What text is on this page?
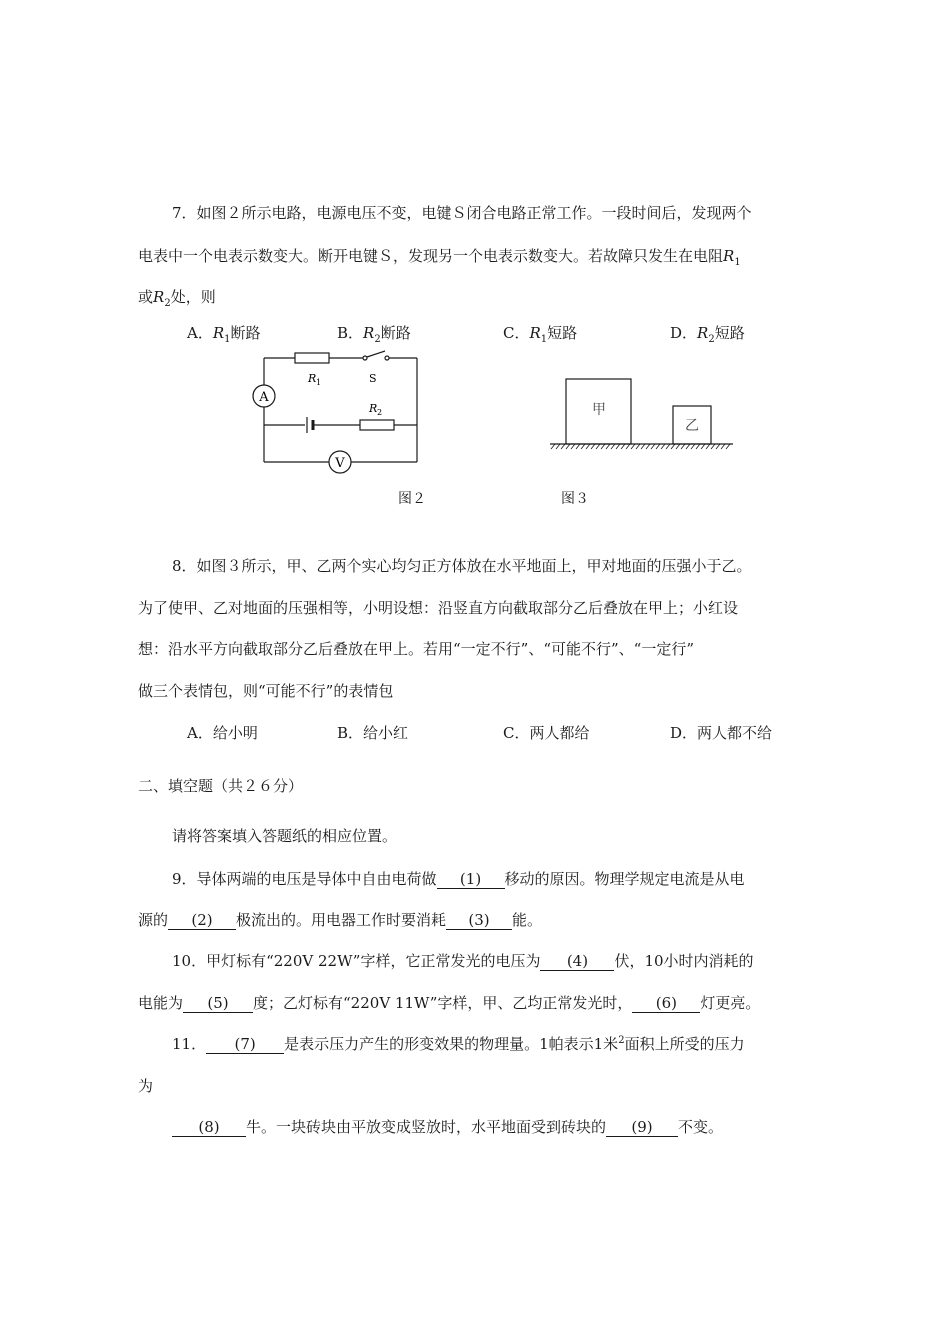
7．如图２所示电路，电源电压不变，电键Ｓ闭合电路正常工作。一段时间后，发现两个
电表中一个电表示数变大。断开电键Ｓ，发现另一个电表示数变大。若故障只发生在电阻$R_1$
或$R_2$处，则
A．$R_1$断路	B．$R_2$断路	C．$R_1$短路	D．$R_2$短路
A
V
R 1	S
R 2
图２
甲
乙
图３
8．如图３所示，甲、乙两个实心均匀正方体放在水平地面上，甲对地面的压强小于乙。
为了使甲、乙对地面的压强相等，小明设想：沿竖直方向截取部分乙后叠放在甲上；小红设
想：沿水平方向截取部分乙后叠放在甲上。若用“一定不行”、“可能不行”、“一定行”
做三个表情包，则“可能不行”的表情包
A．给小明	B．给小红	C．两人都给	D．两人都不给
二、填空题（共２６分）
请将答案填入答题纸的相应位置。
9．导体两端的电压是导体中自由电荷做 (1) 移动的原因。物理学规定电流是从电
源的 (2) 极流出的。用电器工作时要消耗 (3) 能。
10．甲灯标有“220V 22W”字样，它正常发光的电压为 (4) 伏，10小时内消耗的
电能为 (5) 度；乙灯标有“220V 11W”字样，甲、乙均正常发光时， (6) 灯更亮。
11． (7) 是表示压力产生的形变效果的物理量。1帕表示1米$^2$面积上所受的压力
为
(8) 牛。一块砖块由平放变成竖放时，水平地面受到砖块的 (9) 不变。
